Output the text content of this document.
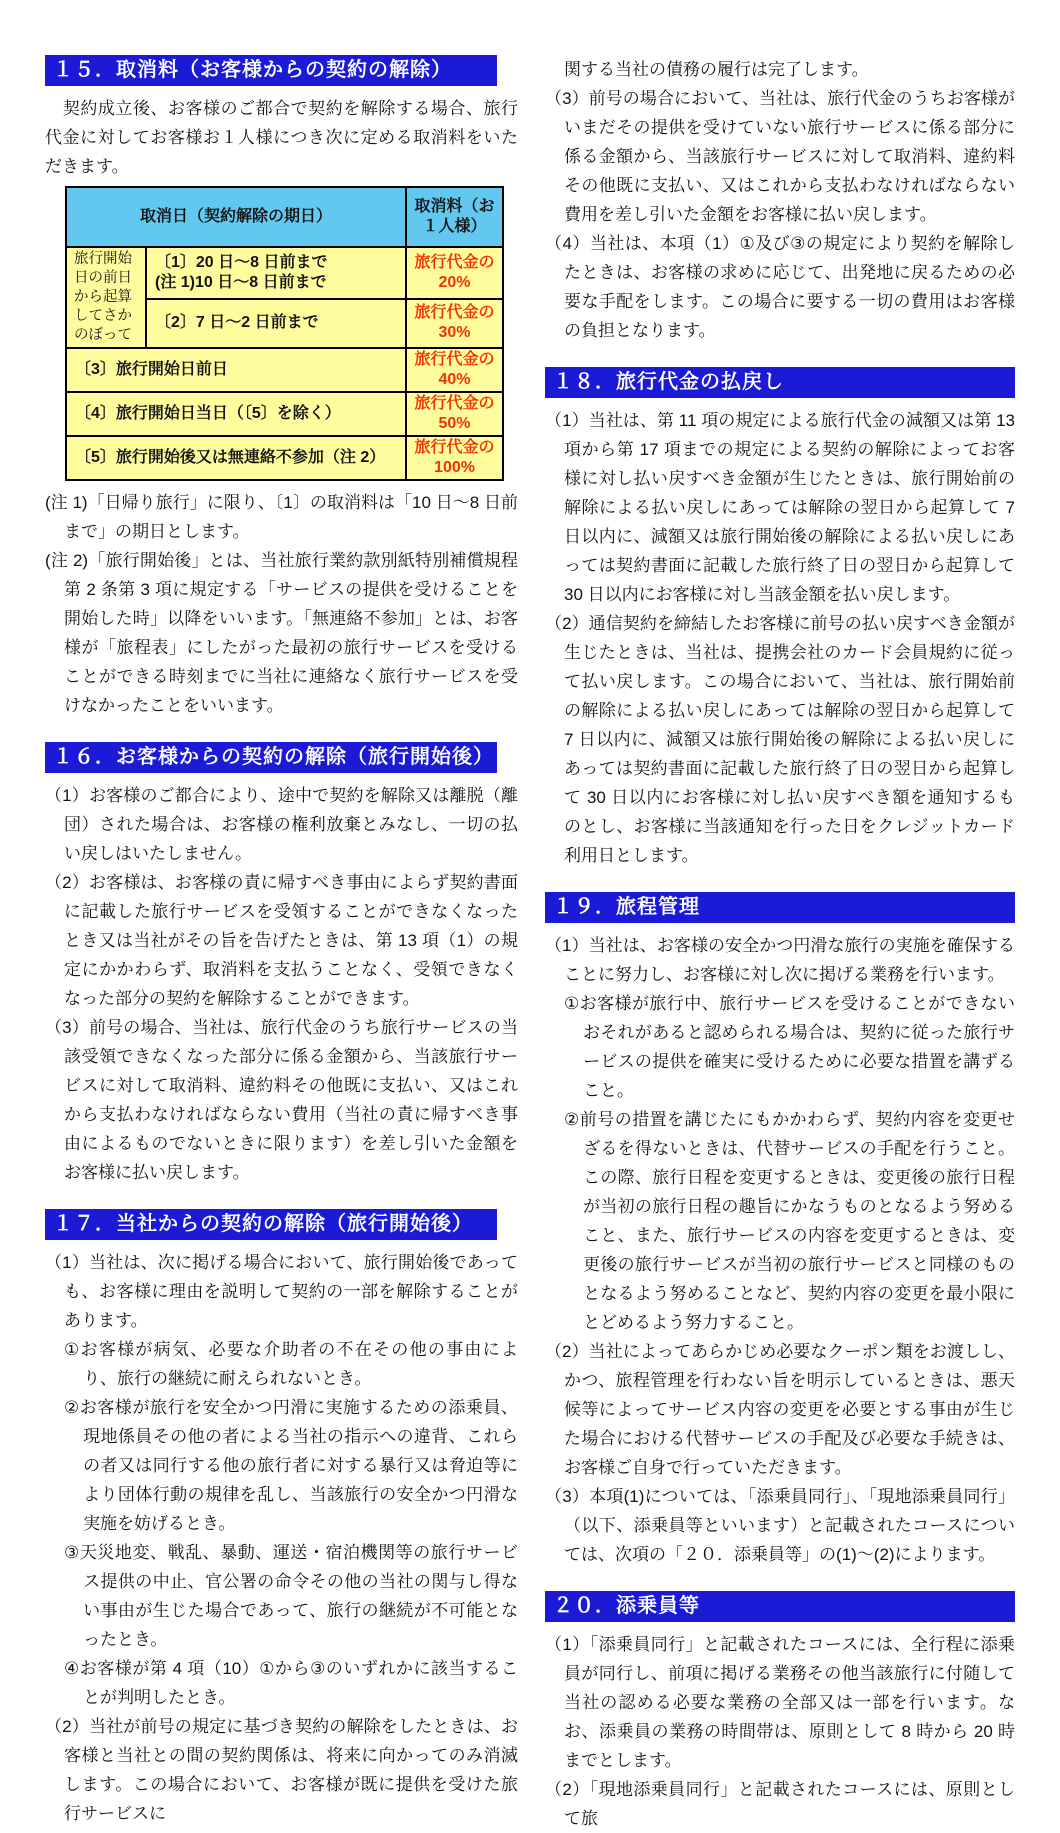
１５．取消料（お客様からの契約の解除）

契約成立後、お客様のご都合で契約を解除する場合、旅行代金に対してお客様お１人様につき次に定める取消料をいただきます。

取消日（契約解除の期日）		取消料（お１人様）
旅行開始日の前日から起算してさかのぼって	〔1〕20 日～8 日前まで
(注 1)10 日～8 日前まで	旅行代金の
20%

	〔2〕7 日～2 日前まで	旅行代金の
30%

〔3〕旅行開始日前日		旅行代金の
40%

〔4〕旅行開始日当日（〔5〕を除く）		旅行代金の
50%

〔5〕旅行開始後又は無連絡不参加（注 2）		旅行代金の
100%

(注 1)「日帰り旅行」に限り、〔1〕の取消料は「10 日～8 日前まで」の期日とします。

(注 2)「旅行開始後」とは、当社旅行業約款別紙特別補償規程第 2 条第 3 項に規定する「サービスの提供を受けることを開始した時」以降をいいます。「無連絡不参加」とは、お客様が「旅程表」にしたがった最初の旅行サービスを受けることができる時刻までに当社に連絡なく旅行サービスを受けなかったことをいいます。

１６．お客様からの契約の解除（旅行開始後）

（1）お客様のご都合により、途中で契約を解除又は離脱（離団）された場合は、お客様の権利放棄とみなし、一切の払い戻しはいたしません。

（2）お客様は、お客様の責に帰すべき事由によらず契約書面に記載した旅行サービスを受領することができなくなったとき又は当社がその旨を告げたときは、第 13 項（1）の規定にかかわらず、取消料を支払うことなく、受領できなくなった部分の契約を解除することができます。

（3）前号の場合、当社は、旅行代金のうち旅行サービスの当該受領できなくなった部分に係る金額から、当該旅行サービスに対して取消料、違約料その他既に支払い、又はこれから支払わなければならない費用（当社の責に帰すべき事由によるものでないときに限ります）を差し引いた金額をお客様に払い戻します。

１７．当社からの契約の解除（旅行開始後）

（1）当社は、次に掲げる場合において、旅行開始後であっても、お客様に理由を説明して契約の一部を解除することがあります。

①お客様が病気、必要な介助者の不在その他の事由により、旅行の継続に耐えられないとき。

②お客様が旅行を安全かつ円滑に実施するための添乗員、現地係員その他の者による当社の指示への違背、これらの者又は同行する他の旅行者に対する暴行又は脅迫等により団体行動の規律を乱し、当該旅行の安全かつ円滑な実施を妨げるとき。

③天災地変、戦乱、暴動、運送・宿泊機関等の旅行サービス提供の中止、官公署の命令その他の当社の関与し得ない事由が生じた場合であって、旅行の継続が不可能となったとき。

④お客様が第 4 項（10）①から③のいずれかに該当することが判明したとき。

（2）当社が前号の規定に基づき契約の解除をしたときは、お客様と当社との間の契約関係は、将来に向かってのみ消滅します。この場合において、お客様が既に提供を受けた旅行サービスに

関する当社の債務の履行は完了します。

（3）前号の場合において、当社は、旅行代金のうちお客様がいまだその提供を受けていない旅行サービスに係る部分に係る金額から、当該旅行サービスに対して取消料、違約料その他既に支払い、又はこれから支払わなければならない費用を差し引いた金額をお客様に払い戻します。

（4）当社は、本項（1）①及び③の規定により契約を解除したときは、お客様の求めに応じて、出発地に戻るための必要な手配をします。この場合に要する一切の費用はお客様の負担となります。

１８．旅行代金の払戻し

（1）当社は、第 11 項の規定による旅行代金の減額又は第 13 項から第 17 項までの規定による契約の解除によってお客様に対し払い戻すべき金額が生じたときは、旅行開始前の解除による払い戻しにあっては解除の翌日から起算して 7 日以内に、減額又は旅行開始後の解除による払い戻しにあっては契約書面に記載した旅行終了日の翌日から起算して 30 日以内にお客様に対し当該金額を払い戻します。

（2）通信契約を締結したお客様に前号の払い戻すべき金額が生じたときは、当社は、提携会社のカード会員規約に従って払い戻します。この場合において、当社は、旅行開始前の解除による払い戻しにあっては解除の翌日から起算して 7 日以内に、減額又は旅行開始後の解除による払い戻しにあっては契約書面に記載した旅行終了日の翌日から起算して 30 日以内にお客様に対し払い戻すべき額を通知するものとし、お客様に当該通知を行った日をクレジットカード利用日とします。

１９．旅程管理

（1）当社は、お客様の安全かつ円滑な旅行の実施を確保することに努力し、お客様に対し次に掲げる業務を行います。

①お客様が旅行中、旅行サービスを受けることができないおそれがあると認められる場合は、契約に従った旅行サービスの提供を確実に受けるために必要な措置を講ずること。

②前号の措置を講じたにもかかわらず、契約内容を変更せざるを得ないときは、代替サービスの手配を行うこと。この際、旅行日程を変更するときは、変更後の旅行日程が当初の旅行日程の趣旨にかなうものとなるよう努めること、また、旅行サービスの内容を変更するときは、変更後の旅行サービスが当初の旅行サービスと同様のものとなるよう努めることなど、契約内容の変更を最小限にとどめるよう努力すること。

（2）当社によってあらかじめ必要なクーポン類をお渡しし、かつ、旅程管理を行わない旨を明示しているときは、悪天候等によってサービス内容の変更を必要とする事由が生じた場合における代替サービスの手配及び必要な手続きは、お客様ご自身で行っていただきます。

（3）本項(1)については、「添乗員同行」、「現地添乗員同行」（以下、添乗員等といいます）と記載されたコースについては、次項の「２０．添乗員等」の(1)～(2)によります。

２０．添乗員等

（1）「添乗員同行」と記載されたコースには、全行程に添乗員が同行し、前項に掲げる業務その他当該旅行に付随して当社の認める必要な業務の全部又は一部を行います。なお、添乗員の業務の時間帯は、原則として 8 時から 20 時までとします。

（2）「現地添乗員同行」と記載されたコースには、原則として旅
